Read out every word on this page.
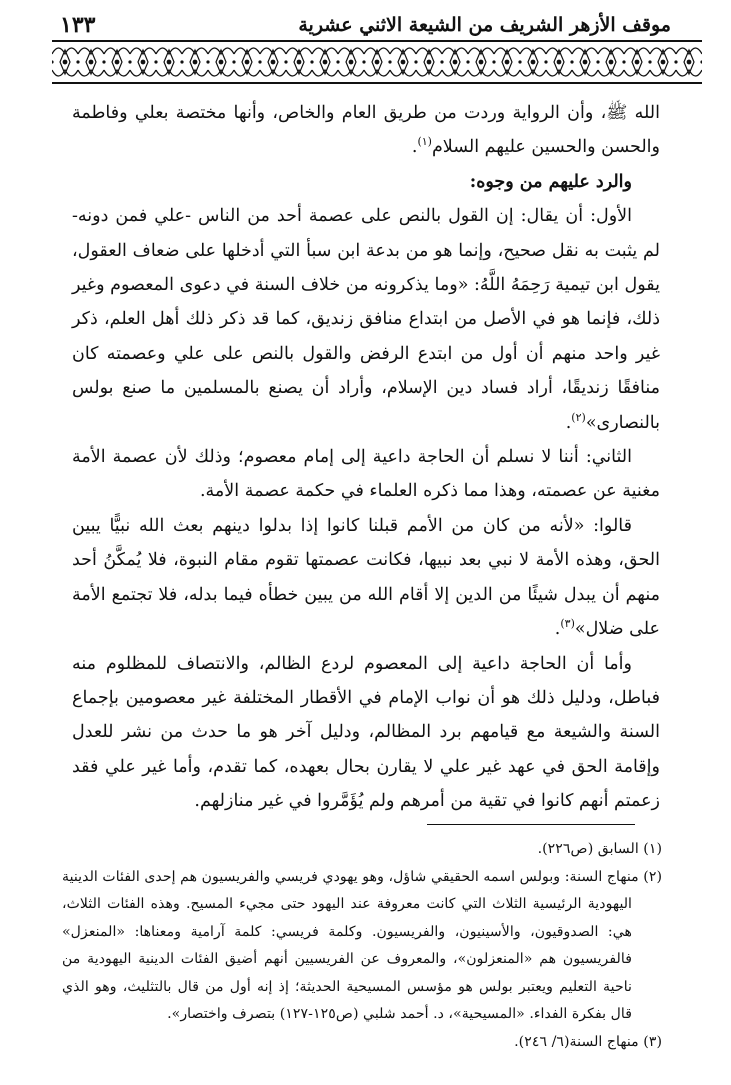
موقف الأزهر الشريف من الشيعة الاثني عشرية
١٣٣

الله ﷺ، وأن الرواية وردت من طريق العام والخاص، وأنها مختصة بعلي وفاطمة والحسن والحسين عليهم السلام$^{(١)}$.

والرد عليهم من وجوه:

الأول: أن يقال: إن القول بالنص على عصمة أحد من الناس -علي فمن دونه- لم يثبت به نقل صحيح، وإنما هو من بدعة ابن سبأ التي أدخلها على ضعاف العقول، يقول ابن تيمية رَحِمَهُ اللَّهُ: «وما يذكرونه من خلاف السنة في دعوى المعصوم وغير ذلك، فإنما هو في الأصل من ابتداع منافق زنديق، كما قد ذكر ذلك أهل العلم، ذكر غير واحد منهم أن أول من ابتدع الرفض والقول بالنص على علي وعصمته كان منافقًا زنديقًا، أراد فساد دين الإسلام، وأراد أن يصنع بالمسلمين ما صنع بولس بالنصارى»$^{(٢)}$.

الثاني: أننا لا نسلم أن الحاجة داعية إلى إمام معصوم؛ وذلك لأن عصمة الأمة مغنية عن عصمته، وهذا مما ذكره العلماء في حكمة عصمة الأمة.

قالوا: «لأنه من كان من الأمم قبلنا كانوا إذا بدلوا دينهم بعث الله نبيًّا يبين الحق، وهذه الأمة لا نبي بعد نبيها، فكانت عصمتها تقوم مقام النبوة، فلا يُمكَّنُ أحد منهم أن يبدل شيئًا من الدين إلا أقام الله من يبين خطأه فيما بدله، فلا تجتمع الأمة على ضلال»$^{(٣)}$.

وأما أن الحاجة داعية إلى المعصوم لردع الظالم، والانتصاف للمظلوم منه فباطل، ودليل ذلك هو أن نواب الإمام في الأقطار المختلفة غير معصومين بإجماع السنة والشيعة مع قيامهم برد المظالم، ودليل آخر هو ما حدث من نشر للعدل وإقامة الحق في عهد غير علي لا يقارن بحال بعهده، كما تقدم، وأما غير علي فقد زعمتم أنهم كانوا في تقية من أمرهم ولم يُؤَمَّروا في غير منازلهم.

(١) السابق (ص٢٢٦).

(٢) منهاج السنة: وبولس اسمه الحقيقي شاؤل، وهو يهودي فريسي والفريسيون هم إحدى الفئات الدينية اليهودية الرئيسية الثلاث التي كانت معروفة عند اليهود حتى مجيء المسيح. وهذه الفئات الثلاث، هي: الصدوقيون، والأسينيون، والفريسيون. وكلمة فريسي: كلمة آرامية ومعناها: «المنعزل» فالفريسيون هم «المنعزلون»، والمعروف عن الفريسيين أنهم أضيق الفئات الدينية اليهودية من ناحية التعليم ويعتبر بولس هو مؤسس المسيحية الحديثة؛ إذ إنه أول من قال بالتثليث، وهو الذي قال بفكرة الفداء. «المسيحية»، د. أحمد شلبي (ص١٢٥-١٢٧) بتصرف واختصار».

(٣) منهاج السنة(٦/ ٢٤٦).
